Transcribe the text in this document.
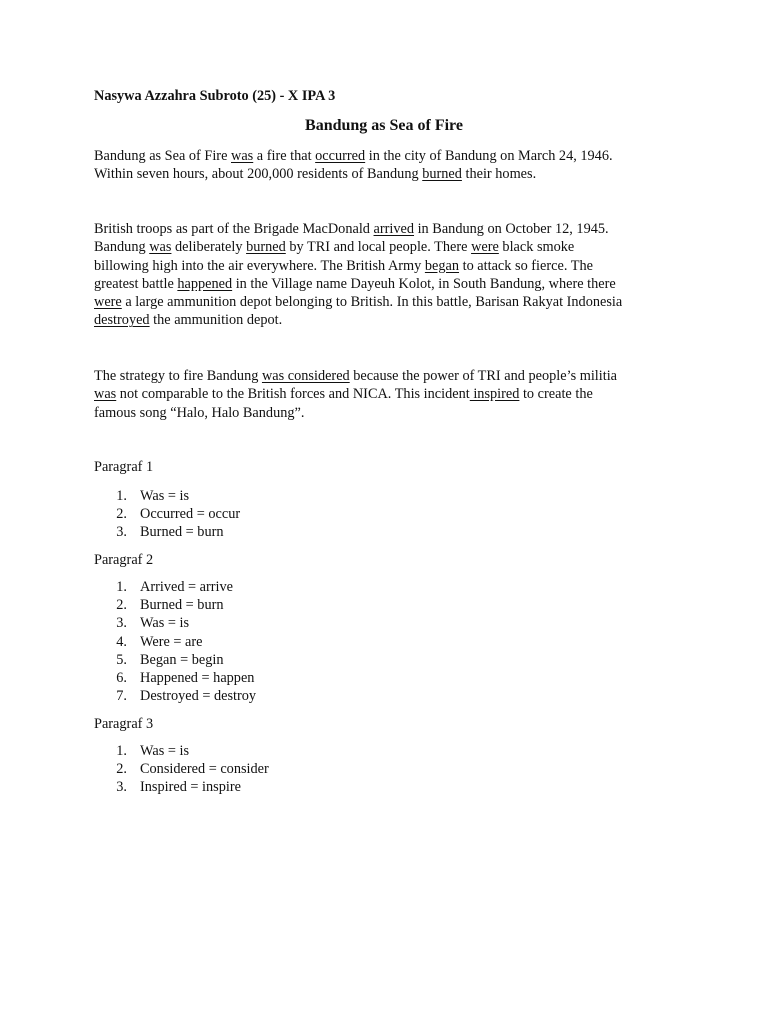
Nasywa Azzahra Subroto (25) - X IPA 3
Bandung as Sea of Fire
Bandung as Sea of Fire was a fire that occurred in the city of Bandung on March 24, 1946.
Within seven hours, about 200,000 residents of Bandung burned their homes.
British troops as part of the Brigade MacDonald arrived in Bandung on October 12, 1945.
Bandung was deliberately burned by TRI and local people. There were black smoke
billowing high into the air everywhere. The British Army began to attack so fierce. The
greatest battle happened in the Village name Dayeuh Kolot, in South Bandung, where there
were a large ammunition depot belonging to British. In this battle, Barisan Rakyat Indonesia
destroyed the ammunition depot.
The strategy to fire Bandung was considered because the power of TRI and people’s militia
was not comparable to the British forces and NICA. This incident inspired to create the
famous song “Halo, Halo Bandung”.
Paragraf 1
1. Was = is
2. Occurred = occur
3. Burned = burn
Paragraf 2
1. Arrived = arrive
2. Burned = burn
3. Was = is
4. Were = are
5. Began = begin
6. Happened = happen
7. Destroyed = destroy
Paragraf 3
1. Was = is
2. Considered = consider
3. Inspired = inspire
